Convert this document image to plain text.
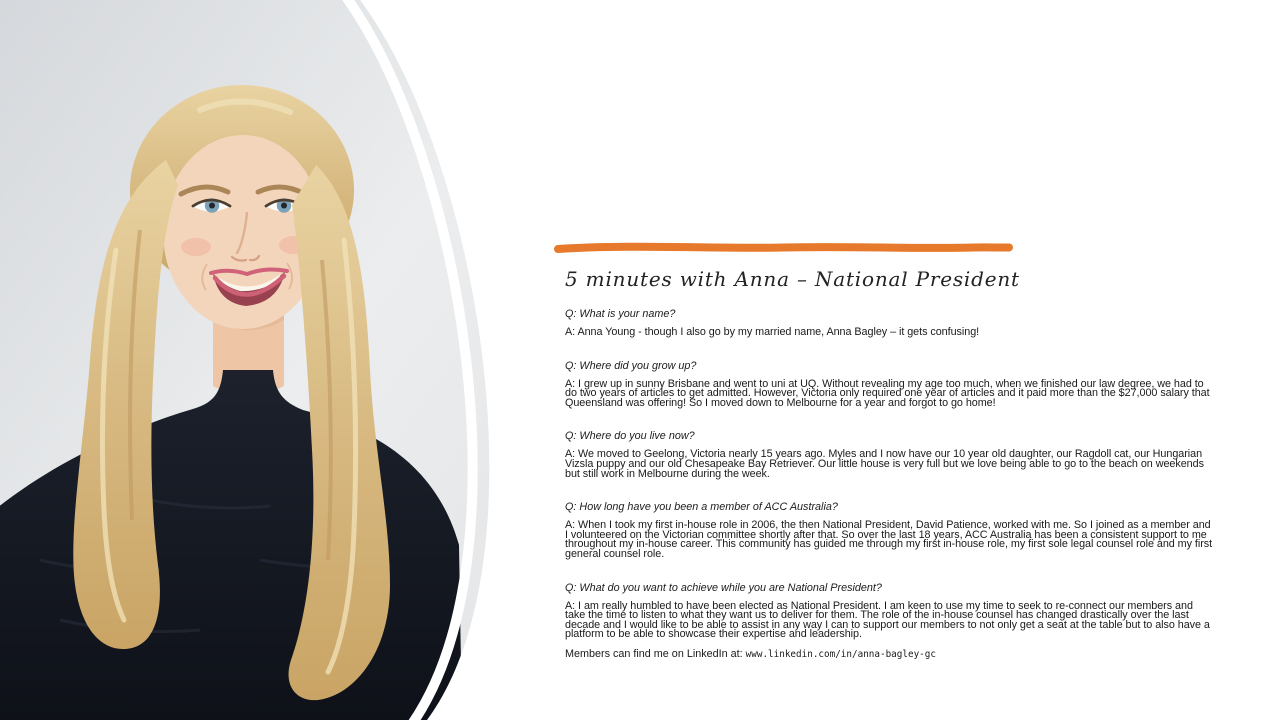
5 minutes with Anna – National President

Q: What is your name?

A: Anna Young - though I also go by my married name, Anna Bagley – it gets confusing!

Q: Where did you grow up?

A: I grew up in sunny Brisbane and went to uni at UQ. Without revealing my age too much, when we finished our law degree, we had to do two years of articles to get admitted. However, Victoria only required one year of articles and it paid more than the $27,000 salary that Queensland was offering! So I moved down to Melbourne for a year and forgot to go home!

Q: Where do you live now?

A: We moved to Geelong, Victoria nearly 15 years ago. Myles and I now have our 10 year old daughter, our Ragdoll cat, our Hungarian Vizsla puppy and our old Chesapeake Bay Retriever. Our little house is very full but we love being able to go to the beach on weekends but still work in Melbourne during the week.

Q: How long have you been a member of ACC Australia?

A: When I took my first in-house role in 2006, the then National President, David Patience, worked with me. So I joined as a member and I volunteered on the Victorian committee shortly after that. So over the last 18 years, ACC Australia has been a consistent support to me throughout my in-house career. This community has guided me through my first in-house role, my first sole legal counsel role and my first general counsel role.

Q: What do you want to achieve while you are National President?

A: I am really humbled to have been elected as National President. I am keen to use my time to seek to re-connect our members and take the time to listen to what they want us to deliver for them. The role of the in-house counsel has changed drastically over the last decade and I would like to be able to assist in any way I can to support our members to not only get a seat at the table but to also have a platform to be able to showcase their expertise and leadership.

Members can find me on LinkedIn at: www.linkedin.com/in/anna-bagley-gc
